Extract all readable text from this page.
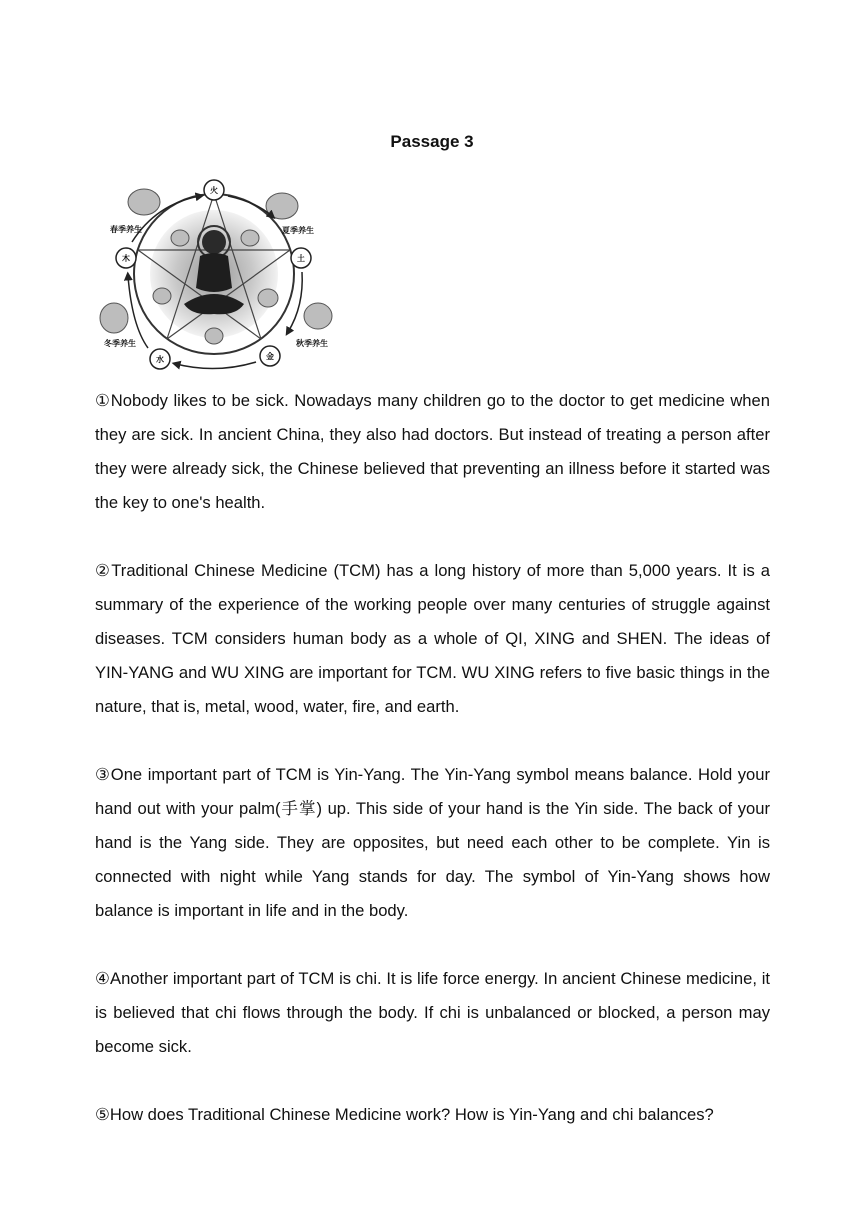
Passage 3
火
土
金
水
木
春季养生	夏季养生
秋季养生
冬季养生

①Nobody likes to be sick. Nowadays many children go to the doctor to get medicine when they are sick. In ancient China, they also had doctors. But instead of treating a person after they were already sick, the Chinese believed that preventing an illness before it started was the key to one's health.

②Traditional Chinese Medicine (TCM) has a long history of more than 5,000 years. It is a summary of the experience of the working people over many centuries of struggle against diseases. TCM considers human body as a whole of QI, XING and SHEN. The ideas of YIN-YANG and WU XING are important for TCM. WU XING refers to five basic things in the nature, that is, metal, wood, water, fire, and earth.

③One important part of TCM is Yin-Yang. The Yin-Yang symbol means balance. Hold your hand out with your palm(手掌) up. This side of your hand is the Yin side. The back of your hand is the Yang side. They are opposites, but need each other to be complete. Yin is connected with night while Yang stands for day. The symbol of Yin-Yang shows how balance is important in life and in the body.

④Another important part of TCM is chi. It is life force energy. In ancient Chinese medicine, it is believed that chi flows through the body. If chi is unbalanced or blocked, a person may become sick.

⑤How does Traditional Chinese Medicine work? How is Yin-Yang and chi balances?
